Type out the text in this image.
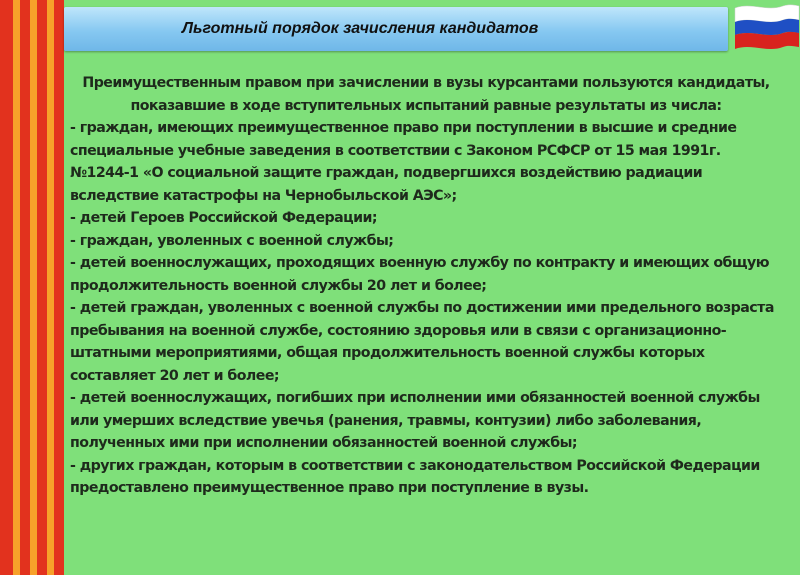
Льготный порядок зачисления кандидатов
Преимущественным правом при зачислении в вузы курсантами пользуются кандидаты, показавшие в ходе вступительных испытаний равные результаты из числа:
- граждан, имеющих преимущественное право при поступлении в высшие и средние специальные учебные заведения в соответствии с Законом РСФСР от 15 мая 1991г. №1244-1 «О социальной защите граждан, подвергшихся воздействию радиации вследствие катастрофы на Чернобыльской АЭС»;
- детей Героев Российской Федерации;
- граждан, уволенных с военной службы;
- детей военнослужащих, проходящих военную службу по контракту и имеющих общую продолжительность военной службы 20 лет и более;
- детей граждан, уволенных с военной службы по достижении ими предельного возраста пребывания на военной службе, состоянию здоровья или в связи с организационно-штатными мероприятиями, общая продолжительность военной службы которых составляет 20 лет и более;
- детей военнослужащих, погибших при исполнении ими обязанностей военной службы или умерших вследствие увечья (ранения, травмы, контузии) либо заболевания, полученных ими при исполнении обязанностей военной службы;
- других граждан, которым в соответствии с законодательством Российской Федерации предоставлено преимущественное право при поступление в вузы.
